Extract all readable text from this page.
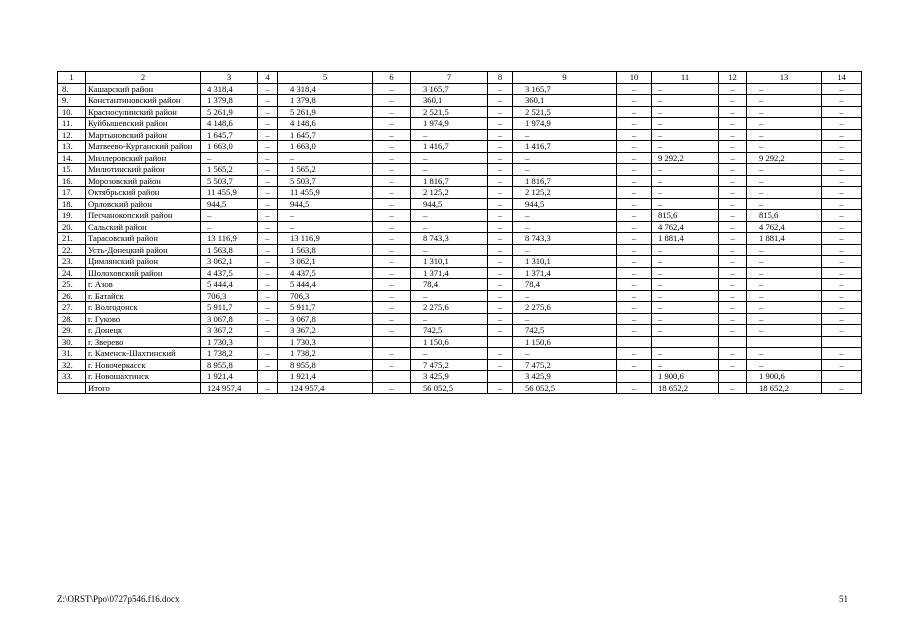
1	2	3	4	5	6	7	8	9	10	11	12	13	14
8.	Кашарский район	4 318,4	–	4 318,4	–	3 165,7	–	3 165,7	–	–	–	–	–
9.	Константиновский район	1 379,8	–	1 379,8	–	360,1	–	360,1	–	–	–	–	–
10.	Красносулинский район	5 261,9	–	5 261,9	–	2 521,5	–	2 521,5	–	–	–	–	–
11.	Куйбышевский район	4 148,6	–	4 148,6	–	1 974,9	–	1 974,9	–	–	–	–	–
12.	Мартыновский район	1 645,7	–	1 645,7	–	–	–	–	–	–	–	–	–
13.	Матвеево-Курганский район	1 663,0	–	1 663,0	–	1 416,7	–	1 416,7	–	–	–	–	–
14.	Миллеровский район	–	–	–	–	–	–	–	–	9 292,2	–	9 292,2	–
15.	Милютинский район	1 565,2	–	1 565,2	–	–	–	–	–	–	–	–	–
16.	Морозовский район	5 503,7	–	5 503,7	–	1 816,7	–	1 816,7	–	–	–	–	–
17.	Октябрьский район	11 455,9	–	11 455,9	–	2 125,2	–	2 125,2	–	–	–	–	–
18.	Орловский район	944,5	–	944,5	–	944,5	–	944,5	–	–	–	–	–
19.	Песчанокопский район	–	–	–	–	–	–	–	–	815,6	–	815,6	–
20.	Сальский район	–	–	–	–	–	–	–	–	4 762,4	–	4 762,4	–
21.	Тарасовский район	13 116,9	–	13 116,9	–	8 743,3	–	8 743,3	–	1 881,4	–	1 881,4	–
22.	Усть-Донецкий район	1 563,8	–	1 563,8	–	–	–	–	–	–	–	–	–
23.	Цимлянский район	3 062,1	–	3 062,1	–	1 310,1	–	1 310,1	–	–	–	–	–
24.	Шолоховский район	4 437,5	–	4 437,5	–	1 371,4	–	1 371,4	–	–	–	–	–
25.	г. Азов	5 444,4	–	5 444,4	–	78,4	–	78,4	–	–	–	–	–
26.	г. Батайск	706,3	–	706,3	–	–	–	–	–	–	–	–	–
27.	г. Волгодонск	5 911,7	–	5 911,7	–	2 275,6	–	2 275,6	–	–	–	–	–
28.	г. Гуково	3 067,8	–	3 067,8	–	–	–	–	–	–	–	–	–
29.	г. Донецк	3 367,2	–	3 367,2	–	742,5	–	742,5	–	–	–	–	–
30.	г. Зверево	1 730,3		1 730,3		1 150,6		1 150,6					
31.	г. Каменск-Шахтинский	1 738,2	–	1 738,2	–	–	–	–	–	–	–	–	–
32.	г. Новочеркасск	8 955,8	–	8 955,8	–	7 475,2	–	7 475,2	–	–	–	–	–
33.	г. Новошахтинск	1 921,4		1 921,4		3 425,9		3 425,9		1 900,6		1 900,6	
	Итого	124 957,4	–	124 957,4	–	56 052,5	–	56 052,5	–	18 652,2	–	18 652,2	–
Z:\ORST\Ppo\0727p546.f16.docx	51
